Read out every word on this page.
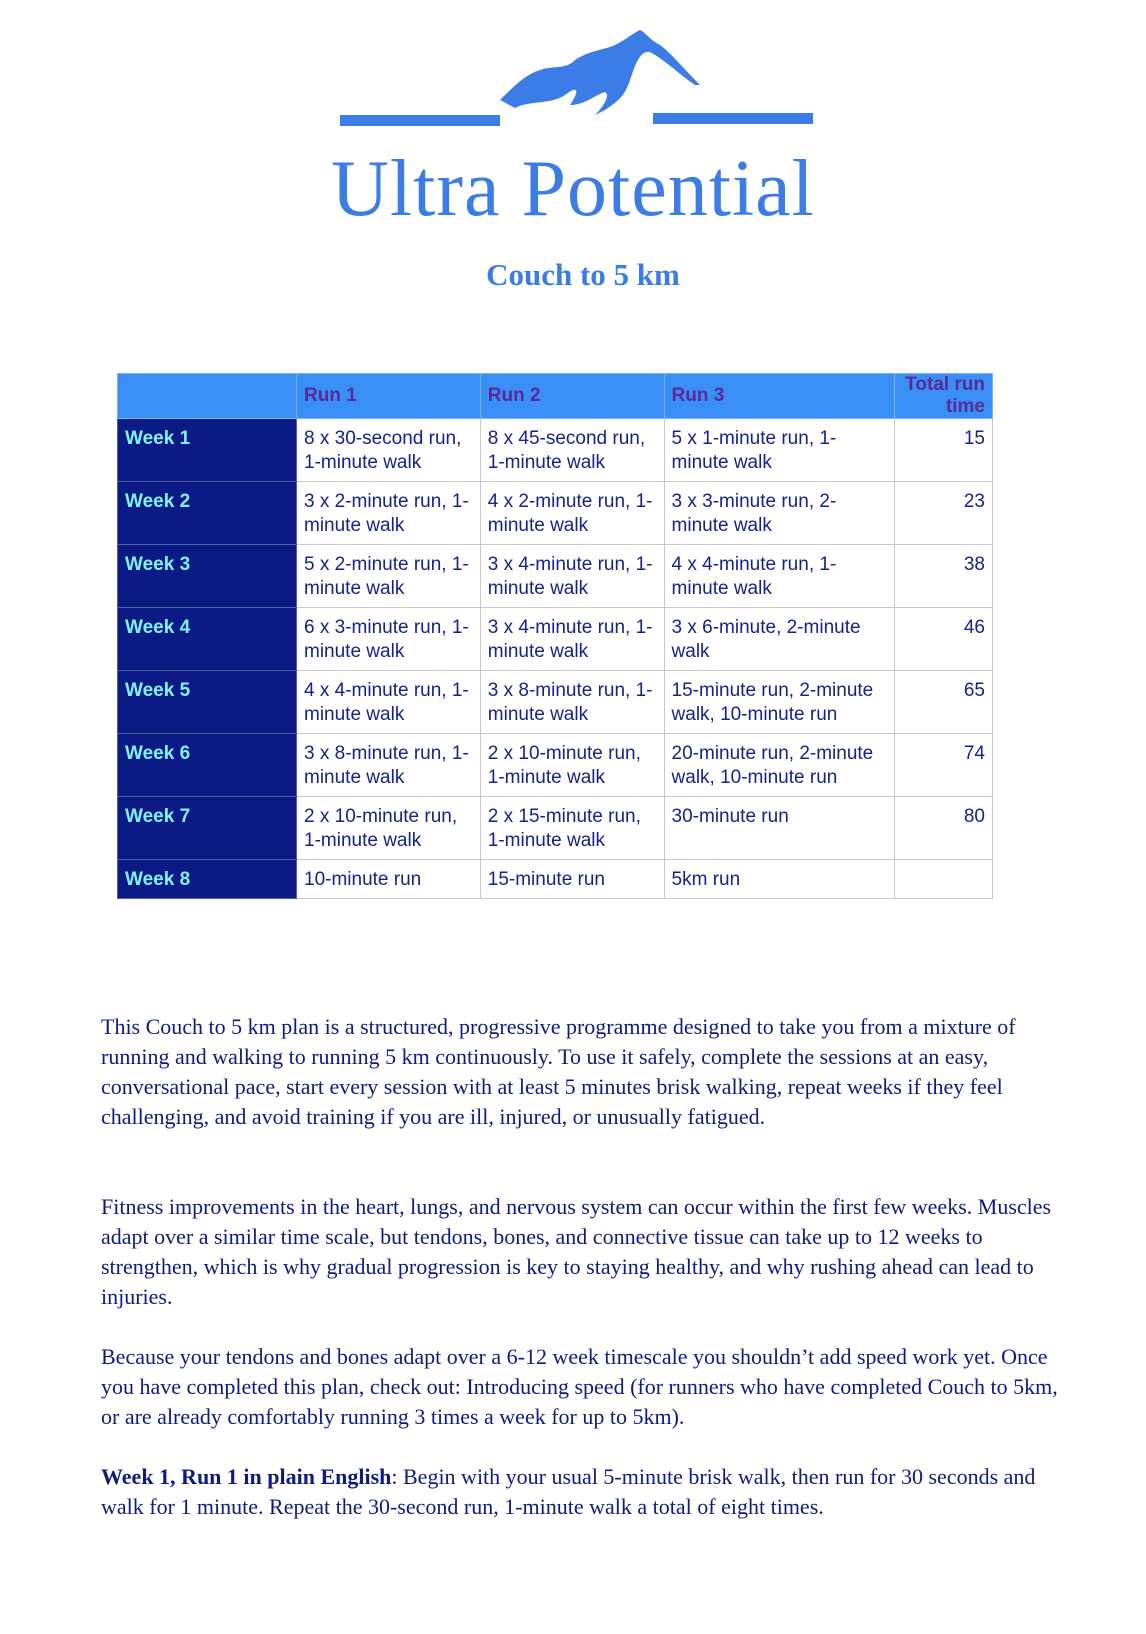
Ultra Potential
Couch to 5 km
	Run 1	Run 2	Run 3	Total run time
Week 1	8 x 30-second run, 1-minute walk	8 x 45-second run, 1-minute walk	5 x 1-minute run, 1-minute walk	15
Week 2	3 x 2-minute run, 1-minute walk	4 x 2-minute run, 1-minute walk	3 x 3-minute run, 2-minute walk	23
Week 3	5 x 2-minute run, 1-minute walk	3 x 4-minute run, 1-minute walk	4 x 4-minute run, 1-minute walk	38
Week 4	6 x 3-minute run, 1-minute walk	3 x 4-minute run, 1-minute walk	3 x 6-minute, 2-minute walk	46
Week 5	4 x 4-minute run, 1-minute walk	3 x 8-minute run, 1-minute walk	15-minute run, 2-minute walk, 10-minute run	65
Week 6	3 x 8-minute run, 1-minute walk	2 x 10-minute run, 1-minute walk	20-minute run, 2-minute walk, 10-minute run	74
Week 7	2 x 10-minute run, 1-minute walk	2 x 15-minute run, 1-minute walk	30-minute run	80
Week 8	10-minute run	15-minute run	5km run	

This Couch to 5 km plan is a structured, progressive programme designed to take you from a mixture of running and walking to running 5 km continuously. To use it safely, complete the sessions at an easy, conversational pace, start every session with at least 5 minutes brisk walking, repeat weeks if they feel challenging, and avoid training if you are ill, injured, or unusually fatigued.

Fitness improvements in the heart, lungs, and nervous system can occur within the first few weeks. Muscles adapt over a similar time scale, but tendons, bones, and connective tissue can take up to 12 weeks to strengthen, which is why gradual progression is key to staying healthy, and why rushing ahead can lead to injuries.

Because your tendons and bones adapt over a 6-12 week timescale you shouldn’t add speed work yet. Once you have completed this plan, check out: Introducing speed (for runners who have completed Couch to 5km, or are already comfortably running 3 times a week for up to 5km).

Week 1, Run 1 in plain English: Begin with your usual 5-minute brisk walk, then run for 30 seconds and walk for 1 minute. Repeat the 30-second run, 1-minute walk a total of eight times.
